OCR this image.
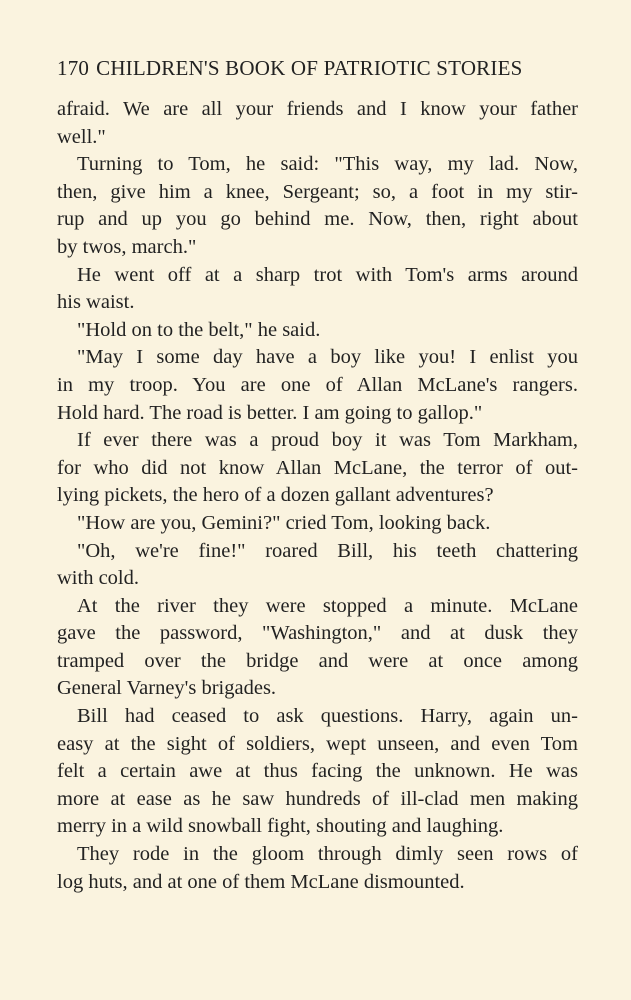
170 CHILDREN'S BOOK OF PATRIOTIC STORIES
afraid. We are all your friends and I know your father
well."
Turning to Tom, he said: "This way, my lad. Now,
then, give him a knee, Sergeant; so, a foot in my stir-
rup and up you go behind me. Now, then, right about
by twos, march."
He went off at a sharp trot with Tom's arms around
his waist.
"Hold on to the belt," he said.
"May I some day have a boy like you! I enlist you
in my troop. You are one of Allan McLane's rangers.
Hold hard. The road is better. I am going to gallop."
If ever there was a proud boy it was Tom Markham,
for who did not know Allan McLane, the terror of out-
lying pickets, the hero of a dozen gallant adventures?
"How are you, Gemini?" cried Tom, looking back.
"Oh, we're fine!" roared Bill, his teeth chattering
with cold.
At the river they were stopped a minute. McLane
gave the password, "Washington," and at dusk they
tramped over the bridge and were at once among
General Varney's brigades.
Bill had ceased to ask questions. Harry, again un-
easy at the sight of soldiers, wept unseen, and even Tom
felt a certain awe at thus facing the unknown. He was
more at ease as he saw hundreds of ill-clad men making
merry in a wild snowball fight, shouting and laughing.
They rode in the gloom through dimly seen rows of
log huts, and at one of them McLane dismounted.
